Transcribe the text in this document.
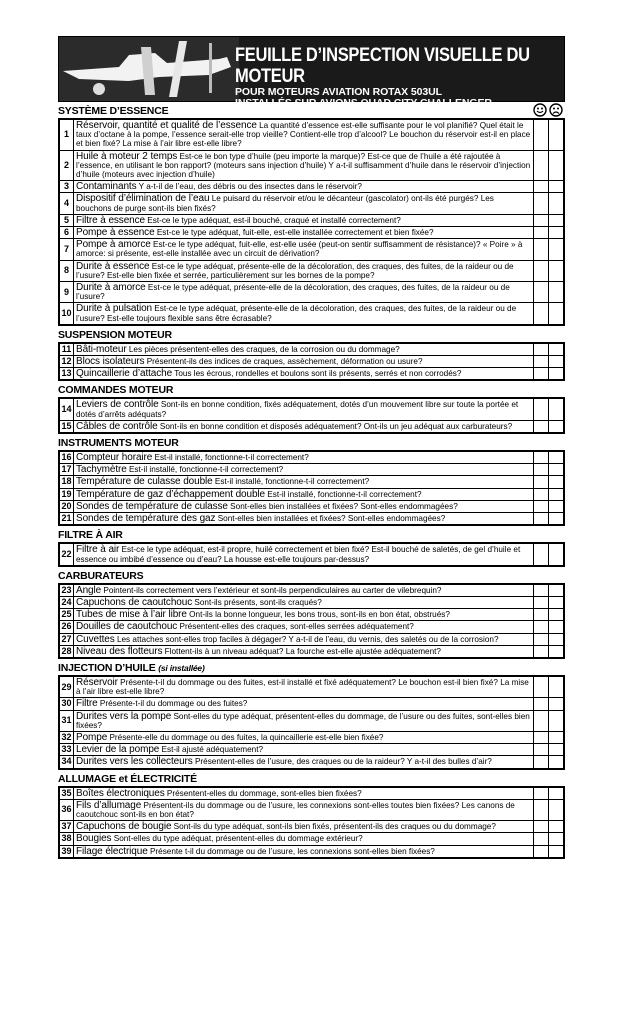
FEUILLE D’INSPECTION VISUELLE DU MOTEUR
POUR MOTEURS AVIATION ROTAX 503UL
INSTALLÉS SUR AVIONS QUAD CITY CHALLENGER
SYSTÈME D’ESSENCE
1	Réservoir, quantité et qualité de l’essence La quantité d’essence est-elle suffisante pour le vol planifié? Quel était le taux d’octane à la pompe, l’essence serait-elle trop vieille? Contient-elle trop d’alcool? Le bouchon du réservoir est-il en place et bien fixé? La mise à l’air libre est-elle libre?		
2	Huile à moteur 2 temps Est-ce le bon type d’huile (peu importe la marque)? Est-ce que de l’huile a été rajoutée à l’essence, en utilisant le bon rapport? (moteurs sans injection d’huile) Y a-t-il suffisamment d’huile dans le réservoir d’injection d’huile (moteurs avec injection d’huile)		
3	Contaminants Y a-t-il de l’eau, des débris ou des insectes dans le réservoir?		
4	Dispositif d’élimination de l’eau Le puisard du réservoir et/ou le décanteur (gascolator) ont-ils été purgés? Les bouchons de purge sont-ils bien fixés?		
5	Filtre à essence Est-ce le type adéquat, est-il bouché, craqué et installé correctement?		
6	Pompe à essence Est-ce le type adéquat, fuit-elle, est-elle installée correctement et bien fixée?		
7	Pompe à amorce Est-ce le type adéquat, fuit-elle, est-elle usée (peut-on sentir suffisamment de résistance)? « Poire » à amorce: si présente, est-elle installée avec un circuit de dérivation?		
8	Durite à essence Est-ce le type adéquat, présente-elle de la décoloration, des craques, des fuites, de la raideur ou de l’usure? Est-elle bien fixée et serrée, particulièrement sur les bornes de la pompe?		
9	Durite à amorce Est-ce le type adéquat, présente-elle de la décoloration, des craques, des fuites, de la raideur ou de l’usure?		
10	Durite à pulsation Est-ce le type adéquat, présente-elle de la décoloration, des craques, des fuites, de la raideur ou de l’usure? Est-elle toujours flexible sans être écrasable?		
SUSPENSION MOTEUR
11	Bâti-moteur Les pièces présentent-elles des craques, de la corrosion ou du dommage?		
12	Blocs isolateurs Présentent-ils des indices de craques, assèchement, déformation ou usure?		
13	Quincaillerie d’attache Tous les écrous, rondelles et boulons sont ils présents, serrés et non corrodés?		
COMMANDES MOTEUR
14	Leviers de contrôle Sont-ils en bonne condition, fixés adéquatement, dotés d’un mouvement libre sur toute la portée et dotés d’arrêts adéquats?		
15	Câbles de contrôle Sont-ils en bonne condition et disposés adéquatement? Ont-ils un jeu adéquat aux carburateurs?		
INSTRUMENTS MOTEUR
16	Compteur horaire Est-il installé, fonctionne-t-il correctement?		
17	Tachymètre Est-il installé, fonctionne-t-il correctement?		
18	Température de culasse double Est-il installé, fonctionne-t-il correctement?		
19	Température de gaz d’échappement double Est-il installé, fonctionne-t-il correctement?		
20	Sondes de température de culasse Sont-elles bien installées et fixées? Sont-elles endommagées?		
21	Sondes de température des gaz Sont-elles bien installées et fixées? Sont-elles endommagées?		
FILTRE À AIR
22	Filtre à air Est-ce le type adéquat, est-il propre, huilé correctement et bien fixé? Est-il bouché de saletés, de gel d’huile et essence ou imbibé d’essence ou d’eau? La housse est-elle toujours par-dessus?		
CARBURATEURS
23	Angle Pointent-ils correctement vers l’extérieur et sont-ils perpendiculaires au carter de vilebrequin?		
24	Capuchons de caoutchouc Sont-ils présents, sont-ils craqués?		
25	Tubes de mise à l’air libre Ont-ils la bonne longueur, les bons trous, sont-ils en bon état, obstrués?		
26	Douilles de caoutchouc Présentent-elles des craques, sont-elles serrées adéquatement?		
27	Cuvettes Les attaches sont-elles trop faciles à dégager? Y a-t-il de l’eau, du vernis, des saletés ou de la corrosion?		
28	Niveau des flotteurs Flottent-ils à un niveau adéquat? La fourche est-elle ajustée adéquatement?		
INJECTION D’HUILE (si installée)
29	Réservoir Présente-t-il du dommage ou des fuites, est-il installé et fixé adéquatement? Le bouchon est-il bien fixé? La mise à l’air libre est-elle libre?		
30	Filtre Présente-t-il du dommage ou des fuites?		
31	Durites vers la pompe Sont-elles du type adéquat, présentent-elles du dommage, de l’usure ou des fuites, sont-elles bien fixées?		
32	Pompe Présente-elle du dommage ou des fuites, la quincaillerie est-elle bien fixée?		
33	Levier de la pompe Est-il ajusté adéquatement?		
34	Durites vers les collecteurs Présentent-elles de l’usure, des craques ou de la raideur? Y a-t-il des bulles d’air?		
ALLUMAGE et ÉLECTRICITÉ
35	Boîtes électroniques Présentent-elles du dommage, sont-elles bien fixées?		
36	Fils d’allumage Présentent-ils du dommage ou de l’usure, les connexions sont-elles toutes bien fixées? Les canons de caoutchouc sont-ils en bon état?		
37	Capuchons de bougie Sont-ils du type adéquat, sont-ils bien fixés, présentent-ils des craques ou du dommage?		
38	Bougies Sont-elles du type adéquat, présentent-elles du dommage extérieur?		
39	Filage électrique Présente t-il du dommage ou de l’usure, les connexions sont-elles bien fixées?		
